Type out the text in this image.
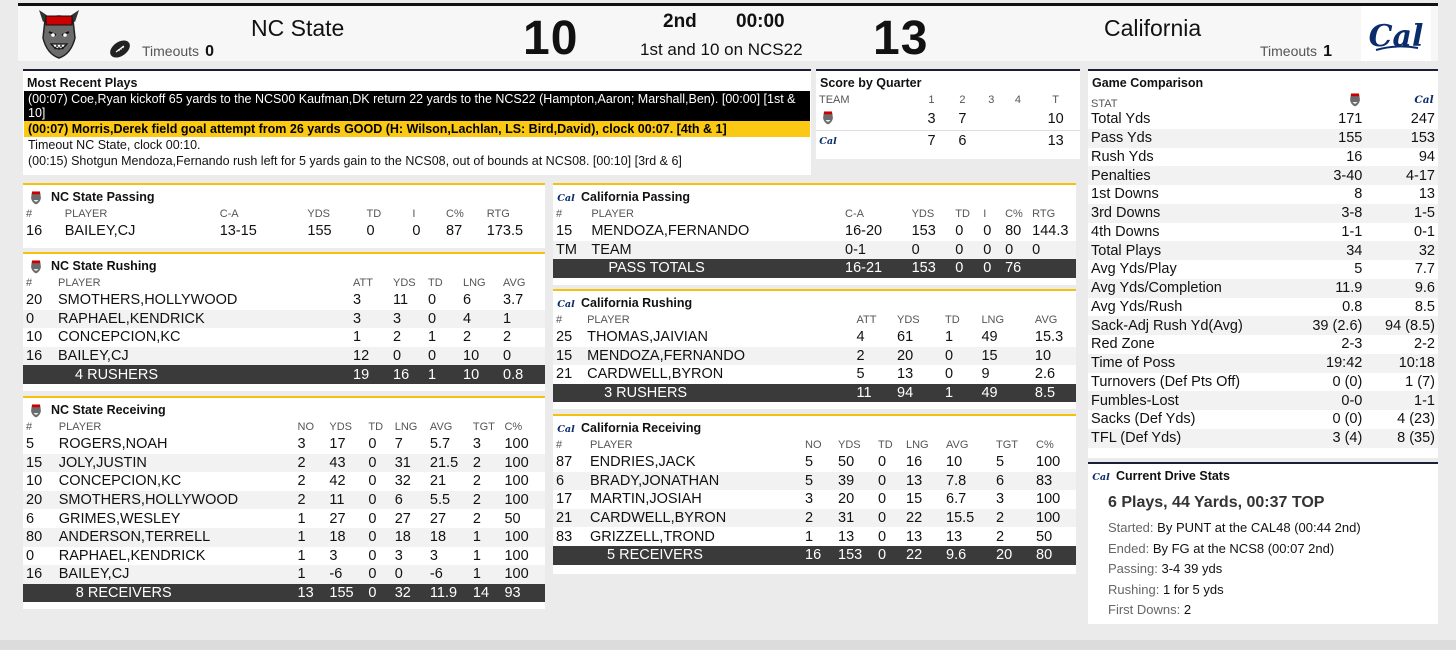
Timeouts 0
NC State	10	2nd 00:00
1st and 10 on NCS22 13	California
Timeouts 1 Cal
Most Recent Plays
(00:07) Coe,Ryan kickoff 65 yards to the NCS00 Kaufman,DK return 22 yards to the NCS22 (Hampton,Aaron; Marshall,Ben). [00:00] [1st & 10]
(00:07) Morris,Derek field goal attempt from 26 yards GOOD (H: Wilson,Lachlan, LS: Bird,David), clock 00:07. [4th & 1]
Timeout NC State, clock 00:10.
(00:15) Shotgun Mendoza,Fernando rush left for 5 yards gain to the NCS08, out of bounds at NCS08. [00:10] [3rd & 6]
Score by Quarter
TEAM	1	2	3	4	T

	3	7			10

Cal	7	6			13
Game Comparison
STAT		Cal

Total Yds	171	247
Pass Yds	155	153
Rush Yds	16	94
Penalties	3-40	4-17
1st Downs	8	13
3rd Downs	3-8	1-5
4th Downs	1-1	0-1
Total Plays	34	32
Avg Yds/Play	5	7.7
Avg Yds/Completion	11.9	9.6
Avg Yds/Rush	0.8	8.5
Sack-Adj Rush Yd(Avg)	39 (2.6)	94 (8.5)
Red Zone	2-3	2-2
Time of Poss	19:42	10:18
Turnovers (Def Pts Off)	0 (0)	1 (7)
Fumbles-Lost	0-0	1-1
Sacks (Def Yds)	0 (0)	4 (23)
TFL (Def Yds)	3 (4)	8 (35)
Cal Current Drive Stats
6 Plays, 44 Yards, 00:37 TOP
Started: By PUNT at the CAL48 (00:44 2nd)
Ended: By FG at the NCS8 (00:07 2nd)
Passing: 3-4 39 yds
Rushing: 1 for 5 yds
First Downs: 2
NC State Passing
#	PLAYER	C-A	YDS	TD	I	C%	RTG
16	BAILEY,CJ	13-15	155	0	0	87	173.5
NC State Rushing
#	PLAYER	ATT	YDS	TD	LNG	AVG
20	SMOTHERS,HOLLYWOOD	3	11	0	6	3.7
0	RAPHAEL,KENDRICK	3	3	0	4	1
10	CONCEPCION,KC	1	2	1	2	2
16	BAILEY,CJ	12	0	0	10	0
	4 RUSHERS	19	16	1	10	0.8
NC State Receiving
#	PLAYER	NO	YDS	TD	LNG	AVG	TGT	C%
5	ROGERS,NOAH	3	17	0	7	5.7	3	100
15	JOLY,JUSTIN	2	43	0	31	21.5	2	100
10	CONCEPCION,KC	2	42	0	32	21	2	100
20	SMOTHERS,HOLLYWOOD	2	11	0	6	5.5	2	100
6	GRIMES,WESLEY	1	27	0	27	27	2	50
80	ANDERSON,TERRELL	1	18	0	18	18	1	100
0	RAPHAEL,KENDRICK	1	3	0	3	3	1	100
16	BAILEY,CJ	1	-6	0	0	-6	1	100
	8 RECEIVERS	13	155	0	32	11.9	14	93
Cal California Passing
#	PLAYER	C-A	YDS	TD	I	C%	RTG
15	MENDOZA,FERNANDO	16-20	153	0	0	80	144.3
TM	TEAM	0-1	0	0	0	0	0
	PASS TOTALS	16-21	153	0	0	76	
Cal California Rushing
#	PLAYER	ATT	YDS	TD	LNG	AVG
25	THOMAS,JAIVIAN	4	61	1	49	15.3
15	MENDOZA,FERNANDO	2	20	0	15	10
21	CARDWELL,BYRON	5	13	0	9	2.6
	3 RUSHERS	11	94	1	49	8.5
Cal California Receiving
#	PLAYER	NO	YDS	TD	LNG	AVG	TGT	C%
87	ENDRIES,JACK	5	50	0	16	10	5	100
6	BRADY,JONATHAN	5	39	0	13	7.8	6	83
17	MARTIN,JOSIAH	3	20	0	15	6.7	3	100
21	CARDWELL,BYRON	2	31	0	22	15.5	2	100
83	GRIZZELL,TROND	1	13	0	13	13	2	50
	5 RECEIVERS	16	153	0	22	9.6	20	80
